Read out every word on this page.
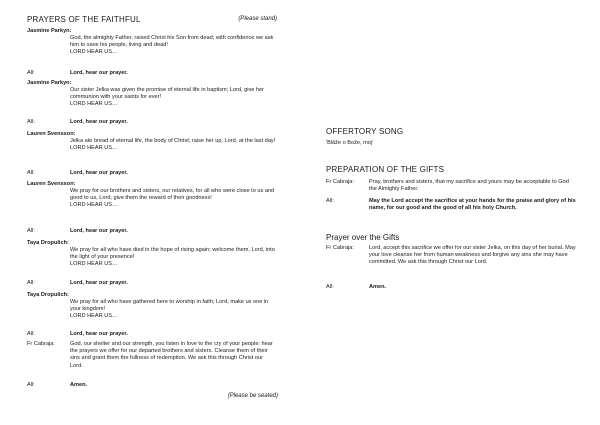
PRAYERS OF THE FAITHFUL	(Please stand)
Jasmine Parkyn:
God, the almighty Father, raised Christ his Son from dead; with confidence we ask him to save his people, living and dead!
LORD HEAR US…
All:	Lord, hear our prayer.
Jasmine Parkyn:
Our sister Jelka was given the promise of eternal life in baptism; Lord, give her communion with your saints for ever!
LORD HEAR US…
All:	Lord, hear our prayer.
Lauren Svensson:
Jelka ate bread of eternal life, the body of Christ; raise her up, Lord, at the last day!
LORD HEAR US…
All:	Lord, hear our prayer.
Lauren Svensson:
We pray for our brothers and sisters, our relatives, for all who were close to us and good to us, Lord, give them the reward of their goodness!
LORD HEAR US…
All:	Lord, hear our prayer.
Taya Dropulich:
We pray for all who have died in the hope of rising again; welcome them, Lord, into the light of your presence!
LORD HEAR US…
All:	Lord, hear our prayer.
Taya Dropulich:
We pray for all who have gathered here to worship in faith; Lord, make us one in your kingdom!
LORD HEAR US…
All:	Lord, hear our prayer.
Fr Cabraja:	God, our shelter and our strength, you listen in love to the cry of your people: hear the prayers we offer for our departed brothers and sisters. Cleanse them of their sins and grant them the fullness of redemption. We ask this through Christ our Lord.
All:	Amen.
(Please be seated)
OFFERTORY SONG
'Blâže o Bože, moj'
PREPARATION OF THE GIFTS
Fr Cabraja:	Pray, brothers and sisters, that my sacrifice and yours may be acceptable to God the Almighty Father.
All:	May the Lord accept the sacrifice at your hands for the praise and glory of his name, for our good and the good of all his holy Church.
Prayer over the Gifts
Fr Cabraja:	Lord, accept this sacrifice we offer for our sister Jelka, on this day of her burial. May your love cleanse her from human weakness and forgive any sins she may have committed. We ask this through Christ our Lord.
All:	Amen.
